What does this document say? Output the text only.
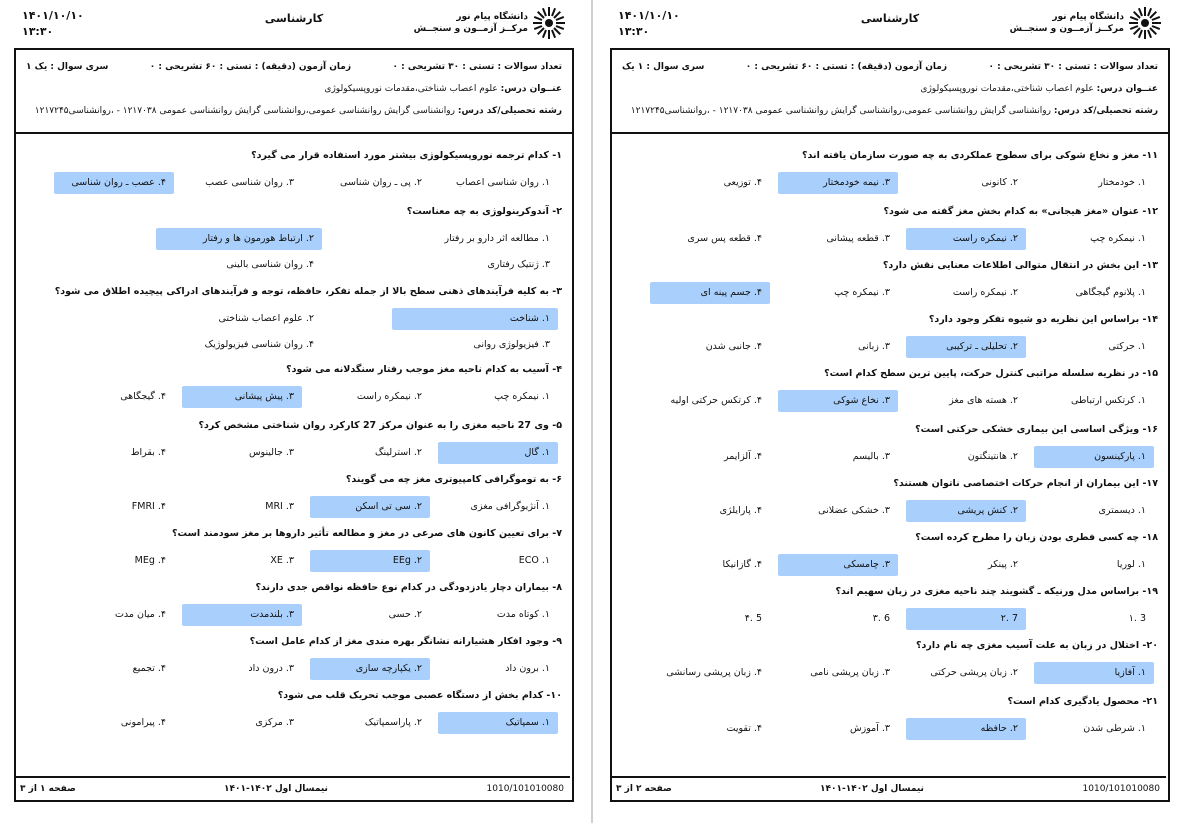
دانشگاه پیام نور
مرکــز آزمــون و سنجــش
کارشناسی
۱۴۰۱/۱۰/۱۰
۱۳:۳۰
تعداد سوالات : تستی : ۳۰ تشریحی : ۰
زمان آزمون (دقیقه) : تستی : ۶۰ تشریحی : ۰
سری سوال : یک ۱
عنــوان درس: علوم اعصاب شناختی،مقدمات نوروپسیکولوژی
رشته تحصیلی/کد درس: روانشناسی گرایش روانشناسی عمومی،روانشناسی گرایش روانشناسی عمومی ۱۲۱۷۰۳۸ - ،روانشناسی۱۲۱۷۲۴۵
۱- کدام ترجمه نوروپسیکولوژی بیشتر مورد استفاده قرار می گیرد؟
۱. روان شناسی اعصاب
۲. پی ـ روان شناسی
۳. روان شناسی عصب
۴. عصب ـ روان شناسی
۲- آندوکرینولوژی به چه معناست؟
۱. مطالعه اثر دارو بر رفتار
۲. ارتباط هورمون ها و رفتار
۳. ژنتیک رفتاری
۴. روان شناسی بالینی
۳- به کلیه فرآیندهای ذهنی سطح بالا از جمله تفکر، حافظه، توجه و فرآیندهای ادراکی پیچیده اطلاق می شود؟
۱. شناخت
۲. علوم اعصاب شناختی
۳. فیزیولوژی روانی
۴. روان شناسی فیزیولوژیک
۴- آسیب به کدام ناحیه مغز موجب رفتار سنگدلانه می شود؟
۱. نیمکره چپ
۲. نیمکره راست
۳. پیش پیشانی
۴. گیجگاهی
۵- وی 27 ناحیه مغزی را به عنوان مرکز 27 کارکرد روان شناختی مشخص کرد؟
۱. گال
۲. استرلینگ
۳. جالینوس
۴. بقراط
۶- به توموگرافی کامپیوتری مغز چه می گویند؟
۱. آنژیوگرافی مغزی
۲. سی تی اسکن
MRI .۳
FMRI .۴
۷- برای تعیین کانون های صرعی در مغز و مطالعه تأثیر داروها بر مغز سودمند است؟
ECO .۱
EEg .۲
XE .۳
MEg .۴
۸- بیماران دچار یادزدودگی در کدام نوع حافظه نواقص جدی دارند؟
۱. کوتاه مدت
۲. حسی
۳. بلندمدت
۴. میان مدت
۹- وجود افکار هشیارانه نشانگر بهره مندی مغز از کدام عامل است؟
۱. برون داد
۲. یکپارچه سازی
۳. درون داد
۴. تجمیع
۱۰- کدام بخش از دستگاه عصبی موجب تحریک قلب می شود؟
۱. سمپاتیک
۲. پاراسمپاتیک
۳. مرکزی
۴. پیرامونی
1010/101010080
نیمسال اول ۱۴۰۲-۱۴۰۱
صفحه ۱ از ۳
دانشگاه پیام نور
مرکــز آزمــون و سنجــش
کارشناسی
۱۴۰۱/۱۰/۱۰
۱۳:۳۰
تعداد سوالات : تستی : ۳۰ تشریحی : ۰
زمان آزمون (دقیقه) : تستی : ۶۰ تشریحی : ۰
سری سوال : ۱ یک
عنــوان درس: علوم اعصاب شناختی،مقدمات نوروپسیکولوژی
رشته تحصیلی/کد درس: روانشناسی گرایش روانشناسی عمومی،روانشناسی گرایش روانشناسی عمومی ۱۲۱۷۰۳۸ - ،روانشناسی۱۲۱۷۲۴۵
۱۱- مغز و نخاع شوکی برای سطوح عملکردی به چه صورت سازمان یافته اند؟
۱. خودمختار
۲. کانونی
۳. نیمه خودمختار
۴. توزیعی
۱۲- عنوان «مغز هیجانی» به کدام بخش مغز گفته می شود؟
۱. نیمکره چپ
۲. نیمکره راست
۳. قطعه پیشانی
۴. قطعه پس سری
۱۳- این بخش در انتقال متوالی اطلاعات معنایی نقش دارد؟
۱. پلانوم گیجگاهی
۲. نیمکره راست
۳. نیمکره چپ
۴. جسم پینه ای
۱۴- براساس این نظریه دو شیوه تفکر وجود دارد؟
۱. حرکتی
۲. تحلیلی ـ ترکیبی
۳. زبانی
۴. جانبی شدن
۱۵- در نظریه سلسله مراتبی کنترل حرکت، پایین ترین سطح کدام است؟
۱. کرتکس ارتباطی
۲. هسته های مغز
۳. نخاع شوکی
۴. کرتکس حرکتی اولیه
۱۶- ویژگی اساسی این بیماری خشکی حرکتی است؟
۱. پارکینسون
۲. هانتینگتون
۳. بالیسم
۴. آلزایمر
۱۷- این بیماران از انجام حرکات اختصاصی ناتوان هستند؟
۱. دیسمتری
۲. کنش پریشی
۳. خشکی عضلانی
۴. پارایلژی
۱۸- چه کسی فطری بودن زبان را مطرح کرده است؟
۱. لوریا
۲. پینکر
۳. چامسکی
۴. گازانیکا
۱۹- براساس مدل ورنیکه ـ گشویند چند ناحیه مغزی در زبان سهیم اند؟
3 .۱
7 .۲
6 .۳
5 .۴
۲۰- اختلال در زبان به علت آسیب مغزی چه نام دارد؟
۱. آفازیا
۲. زبان پریشی حرکتی
۳. زبان پریشی نامی
۴. زبان پریشی رسانشی
۲۱- محصول یادگیری کدام است؟
۱. شرطی شدن
۲. حافظه
۳. آموزش
۴. تقویت
1010/101010080
نیمسال اول ۱۴۰۲-۱۴۰۱
صفحه ۲ از ۳
